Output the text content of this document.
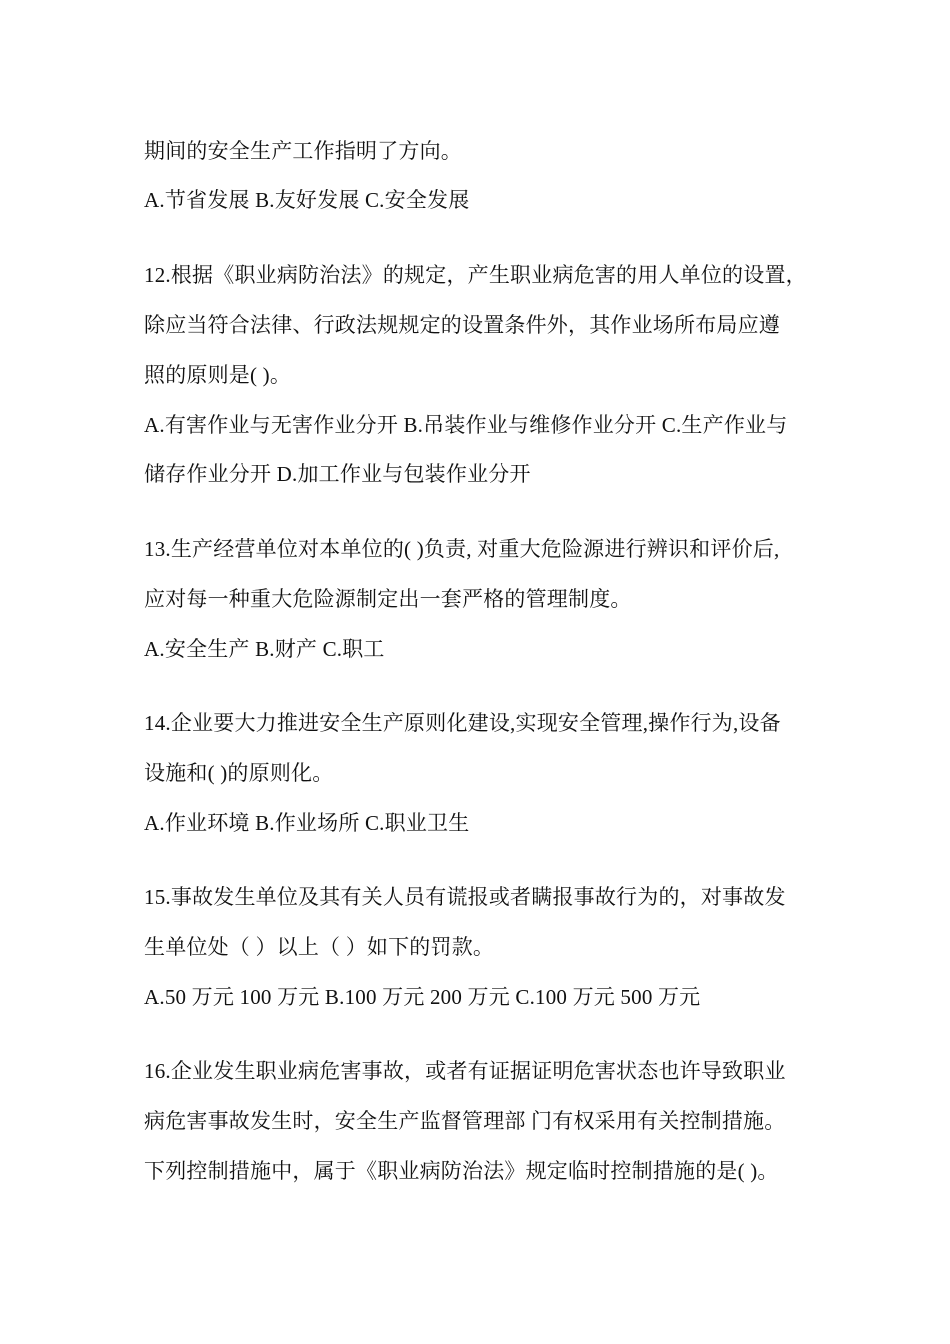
期间的安全生产工作指明了方向。
A.节省发展 B.友好发展 C.安全发展
12.根据《职业病防治法》的规定，产生职业病危害的用人单位的设置，
除应当符合法律、行政法规规定的设置条件外，其作业场所布局应遵
照的原则是( )。
A.有害作业与无害作业分开 B.吊装作业与维修作业分开 C.生产作业与
储存作业分开 D.加工作业与包装作业分开
13.生产经营单位对本单位的( )负责, 对重大危险源进行辨识和评价后,
应对每一种重大危险源制定出一套严格的管理制度。
A.安全生产 B.财产 C.职工
14.企业要大力推进安全生产原则化建设,实现安全管理,操作行为,设备
设施和( )的原则化。
A.作业环境 B.作业场所 C.职业卫生
15.事故发生单位及其有关人员有谎报或者瞒报事故行为的，对事故发
生单位处（ ）以上（ ）如下的罚款。
A.50 万元 100 万元 B.100 万元 200 万元 C.100 万元 500 万元
16.企业发生职业病危害事故，或者有证据证明危害状态也许导致职业
病危害事故发生时，安全生产监督管理部 门有权采用有关控制措施。
下列控制措施中，属于《职业病防治法》规定临时控制措施的是( )。
